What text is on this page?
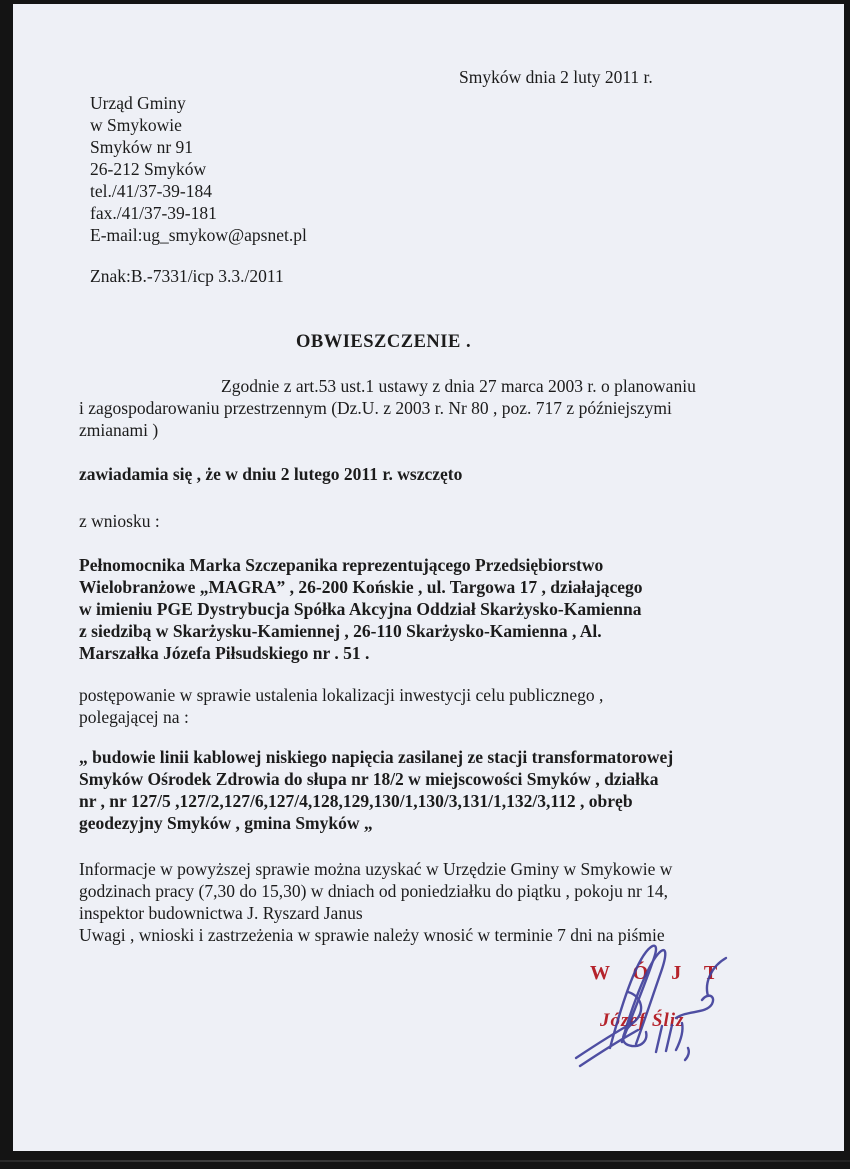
Smyków dnia 2 luty 2011 r.
Urząd Gminy
w Smykowie
Smyków nr 91
26-212 Smyków
tel./41/37-39-184
fax./41/37-39-181
E-mail:ug_smykow@apsnet.pl
Znak:B.-7331/icp 3.3./2011
OBWIESZCZENIE .
Zgodnie z art.53 ust.1 ustawy z dnia 27 marca 2003 r. o planowaniu
i zagospodarowaniu przestrzennym (Dz.U. z 2003 r. Nr 80 , poz. 717 z późniejszymi
zmianami )
zawiadamia się , że w dniu 2 lutego 2011 r. wszczęto
z wniosku :
Pełnomocnika Marka Szczepanika reprezentującego Przedsiębiorstwo
Wielobranżowe „MAGRA” , 26-200 Końskie , ul. Targowa 17 , działającego
w imieniu PGE Dystrybucja Spółka Akcyjna Oddział Skarżysko-Kamienna
z siedzibą w Skarżysku-Kamiennej , 26-110 Skarżysko-Kamienna , Al.
Marszałka Józefa Piłsudskiego nr . 51 .
postępowanie w sprawie ustalenia lokalizacji inwestycji celu publicznego ,
polegającej na :
„ budowie linii kablowej niskiego napięcia zasilanej ze stacji transformatorowej
Smyków Ośrodek Zdrowia do słupa nr 18/2 w miejscowości Smyków , działka
nr , nr 127/5 ,127/2,127/6,127/4,128,129,130/1,130/3,131/1,132/3,112 , obręb
geodezyjny Smyków , gmina Smyków „
Informacje w powyższej sprawie można uzyskać w Urzędzie Gminy w Smykowie w
godzinach pracy (7,30 do 15,30) w dniach od poniedziałku do piątku , pokoju nr 14,
inspektor budownictwa J. Ryszard Janus
Uwagi , wnioski i zastrzeżenia w sprawie należy wnosić w terminie 7 dni na piśmie
W Ó J T
Józef Śliz
